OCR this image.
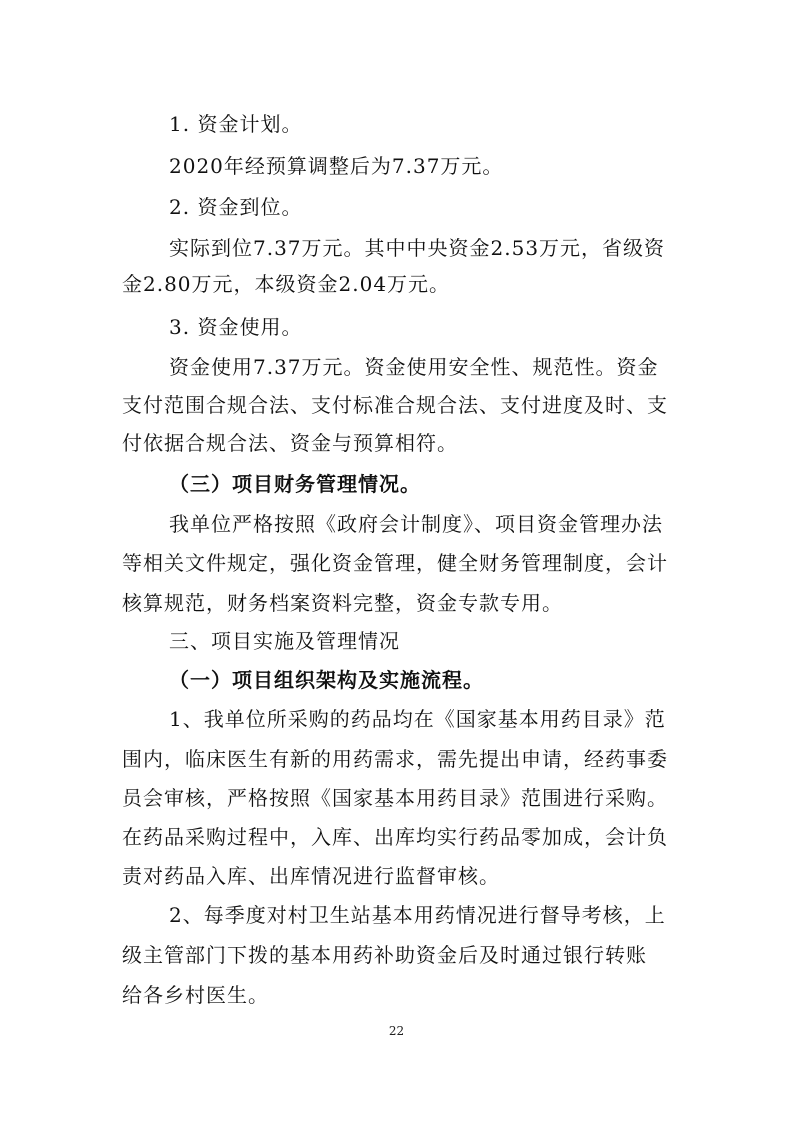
1. 资金计划。
2020年经预算调整后为7.37万元。
2. 资金到位。
实际到位7.37万元。其中中央资金2.53万元，省级资
金2.80万元，本级资金2.04万元。
3. 资金使用。
资金使用7.37万元。资金使用安全性、规范性。资金
支付范围合规合法、支付标准合规合法、支付进度及时、支
付依据合规合法、资金与预算相符。
（三）项目财务管理情况。
我单位严格按照《政府会计制度》、项目资金管理办法
等相关文件规定，强化资金管理，健全财务管理制度，会计
核算规范，财务档案资料完整，资金专款专用。
三、项目实施及管理情况
（一）项目组织架构及实施流程。
1、我单位所采购的药品均在《国家基本用药目录》范
围内，临床医生有新的用药需求，需先提出申请，经药事委
员会审核，严格按照《国家基本用药目录》范围进行采购。
在药品采购过程中，入库、出库均实行药品零加成，会计负
责对药品入库、出库情况进行监督审核。
2、每季度对村卫生站基本用药情况进行督导考核，上
级主管部门下拨的基本用药补助资金后及时通过银行转账
给各乡村医生。
22
